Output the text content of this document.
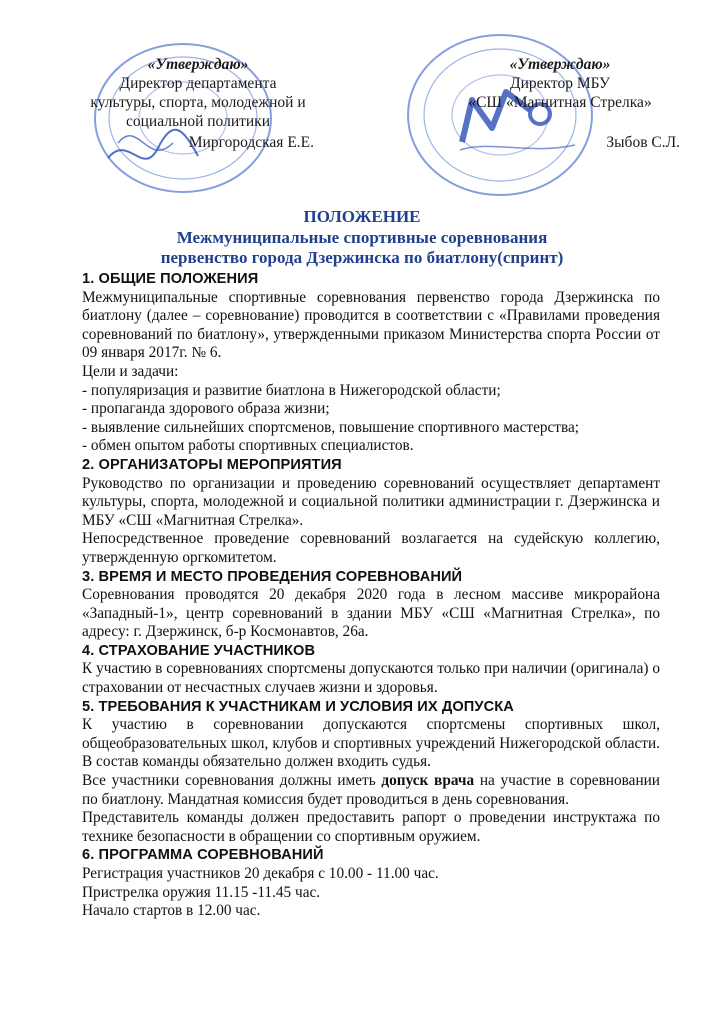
«Утверждаю»
Директор департамента
культуры, спорта, молодежной и
социальной политики
Миргородская Е.Е.
«Утверждаю»
Директор МБУ
«СШ «Магнитная Стрелка»

Зыбов С.Л.
ПОЛОЖЕНИЕ
Межмуниципальные спортивные соревнования
первенство города Дзержинска по биатлону(спринт)
1. ОБЩИЕ ПОЛОЖЕНИЯ

Межмуниципальные спортивные соревнования первенство города Дзержинска по биатлону (далее – соревнование) проводится в соответствии с «Правилами проведения соревнований по биатлону», утвержденными приказом Министерства спорта России от 09 января 2017г. № 6.

Цели и задачи:

- популяризация и развитие биатлона в Нижегородской области;

- пропаганда здорового образа жизни;

- выявление сильнейших спортсменов, повышение спортивного мастерства;

- обмен опытом работы спортивных специалистов.

2. ОРГАНИЗАТОРЫ МЕРОПРИЯТИЯ

Руководство по организации и проведению соревнований осуществляет департамент культуры, спорта, молодежной и социальной политики администрации г. Дзержинска и МБУ «СШ «Магнитная Стрелка».

Непосредственное проведение соревнований возлагается на судейскую коллегию, утвержденную оргкомитетом.

3. ВРЕМЯ И МЕСТО ПРОВЕДЕНИЯ СОРЕВНОВАНИЙ

Соревнования проводятся 20 декабря 2020 года в лесном массиве микрорайона «Западный-1», центр соревнований в здании МБУ «СШ «Магнитная Стрелка», по адресу: г. Дзержинск, б-р Космонавтов, 26а.

4. СТРАХОВАНИЕ УЧАСТНИКОВ

К участию в соревнованиях спортсмены допускаются только при наличии (оригинала) о страховании от несчастных случаев жизни и здоровья.

5. ТРЕБОВАНИЯ К УЧАСТНИКАМ И УСЛОВИЯ ИХ ДОПУСКА

К участию в соревновании допускаются спортсмены спортивных школ, общеобразовательных школ, клубов и спортивных учреждений Нижегородской области. В состав команды обязательно должен входить судья.

Все участники соревнования должны иметь допуск врача на участие в соревновании по биатлону. Мандатная комиссия будет проводиться в день соревнования.

Представитель команды должен предоставить рапорт о проведении инструктажа по технике безопасности в обращении со спортивным оружием.

6. ПРОГРАММА СОРЕВНОВАНИЙ

Регистрация участников 20 декабря с 10.00 - 11.00 час.

Пристрелка оружия 11.15 -11.45 час.

Начало стартов в 12.00 час.
